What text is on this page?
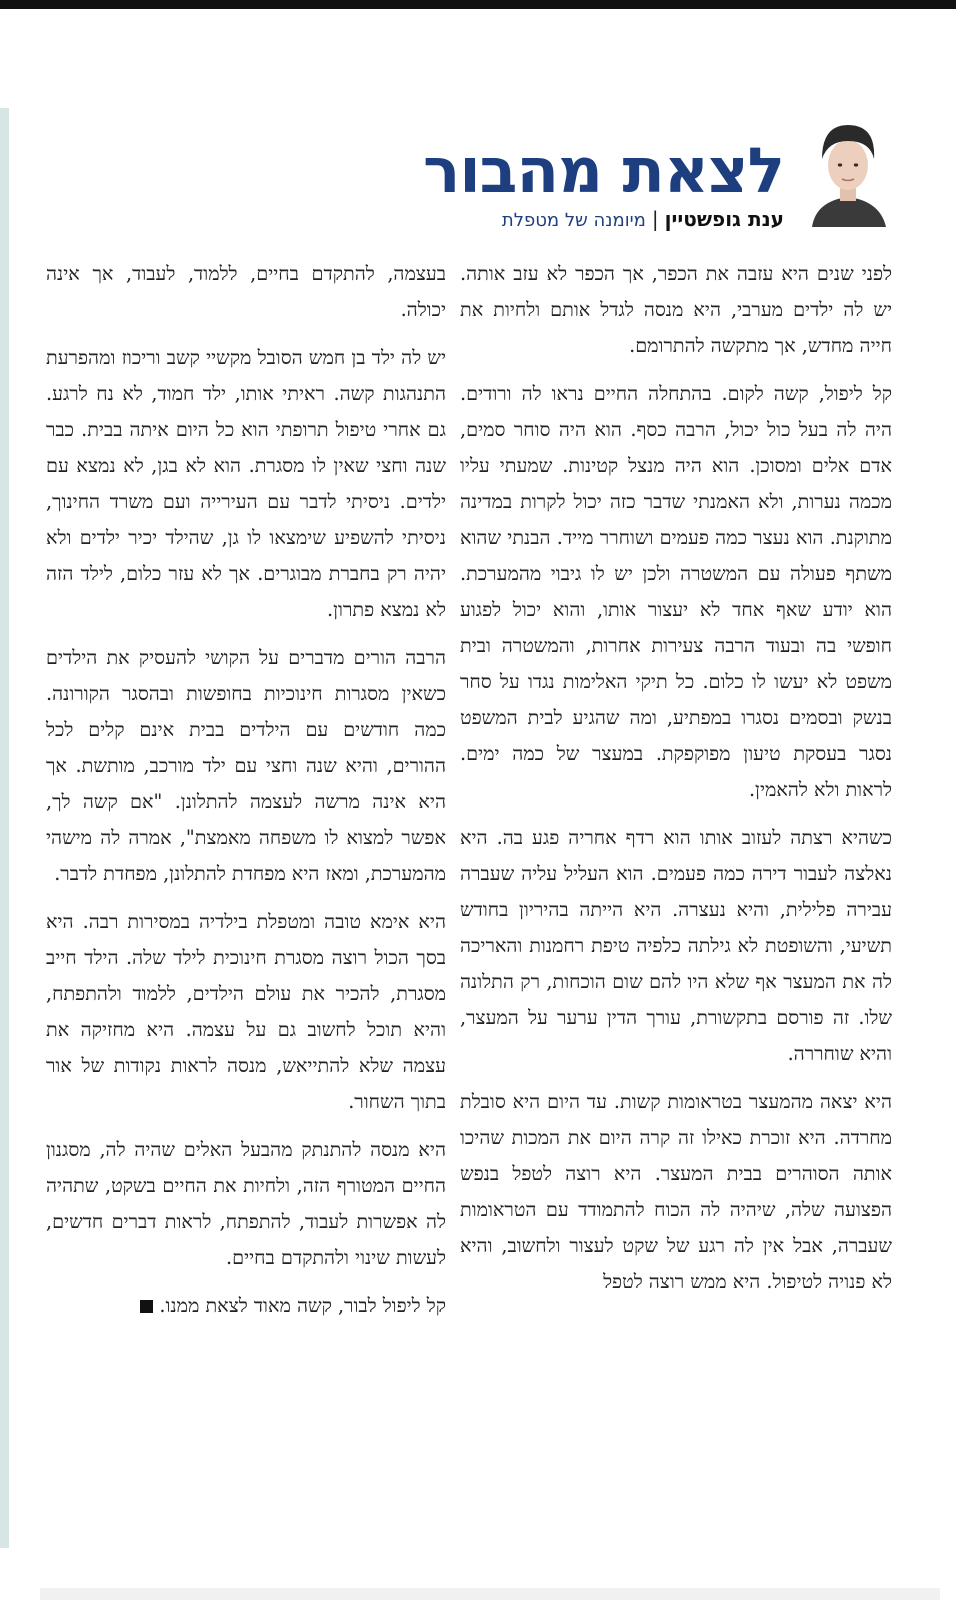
לצאת מהבור
ענת גופשטיין|מיומנה של מטפלת

לפני שנים היא עזבה את הכפר, אך הכפר לא עזב אותה. יש לה ילדים מערבי, היא מנסה לגדל אותם ולחיות את חייה מחדש, אך מתקשה להתרומם.

קל ליפול, קשה לקום. בהתחלה החיים נראו לה ורודים. היה לה בעל כול יכול, הרבה כסף. הוא היה סוחר סמים, אדם אלים ומסוכן. הוא היה מנצל קטינות. שמעתי עליו מכמה נערות, ולא האמנתי שדבר כזה יכול לקרות במדינה מתוקנת. הוא נעצר כמה פעמים ושוחרר מייד. הבנתי שהוא משתף פעולה עם המשטרה ולכן יש לו גיבוי מהמערכת. הוא יודע שאף אחד לא יעצור אותו, והוא יכול לפגוע חופשי בה ובעוד הרבה צעירות אחרות, והמשטרה ובית משפט לא יעשו לו כלום. כל תיקי האלימות נגדו על סחר בנשק ובסמים נסגרו במפתיע, ומה שהגיע לבית המשפט נסגר בעסקת טיעון מפוקפקת. במעצר של כמה ימים. לראות ולא להאמין.

כשהיא רצתה לעזוב אותו הוא רדף אחריה פגע בה. היא נאלצה לעבור דירה כמה פעמים. הוא העליל עליה שעברה עבירה פלילית, והיא נעצרה. היא הייתה בהיריון בחודש תשיעי, והשופטת לא גילתה כלפיה טיפת רחמנות והאריכה לה את המעצר אף שלא היו להם שום הוכחות, רק התלונה שלו. זה פורסם בתקשורת, עורך הדין ערער על המעצר, והיא שוחררה.

היא יצאה מהמעצר בטראומות קשות. עד היום היא סובלת מחרדה. היא זוכרת כאילו זה קרה היום את המכות שהיכו אותה הסוהרים בבית המעצר. היא רוצה לטפל בנפש הפצועה שלה, שיהיה לה הכוח להתמודד עם הטראומות שעברה, אבל אין לה רגע של שקט לעצור ולחשוב, והיא לא פנויה לטיפול. היא ממש רוצה לטפל

בעצמה, להתקדם בחיים, ללמוד, לעבוד, אך אינה יכולה.

יש לה ילד בן חמש הסובל מקשיי קשב וריכוז ומהפרעת התנהגות קשה. ראיתי אותו, ילד חמוד, לא נח לרגע. גם אחרי טיפול תרופתי הוא כל היום איתה בבית. כבר שנה וחצי שאין לו מסגרת. הוא לא בגן, לא נמצא עם ילדים. ניסיתי לדבר עם העירייה ועם משרד החינוך, ניסיתי להשפיע שימצאו לו גן, שהילד יכיר ילדים ולא יהיה רק בחברת מבוגרים. אך לא עזר כלום, לילד הזה לא נמצא פתרון.

הרבה הורים מדברים על הקושי להעסיק את הילדים כשאין מסגרות חינוכיות בחופשות ובהסגר הקורונה. כמה חודשים עם הילדים בבית אינם קלים לכל ההורים, והיא שנה וחצי עם ילד מורכב, מותשת. אך היא אינה מרשה לעצמה להתלונן. "אם קשה לך, אפשר למצוא לו משפחה מאמצת", אמרה לה מישהי מהמערכת, ומאז היא מפחדת להתלונן, מפחדת לדבר.

היא אימא טובה ומטפלת בילדיה במסירות רבה. היא בסך הכול רוצה מסגרת חינוכית לילד שלה. הילד חייב מסגרת, להכיר את עולם הילדים, ללמוד ולהתפתח, והיא תוכל לחשוב גם על עצמה. היא מחזיקה את עצמה שלא להתייאש, מנסה לראות נקודות של אור בתוך השחור.

היא מנסה להתנתק מהבעל האלים שהיה לה, מסגנון החיים המטורף הזה, ולחיות את החיים בשקט, שתהיה לה אפשרות לעבוד, להתפתח, לראות דברים חדשים, לעשות שינוי ולהתקדם בחיים.

קל ליפול לבור, קשה מאוד לצאת ממנו.
